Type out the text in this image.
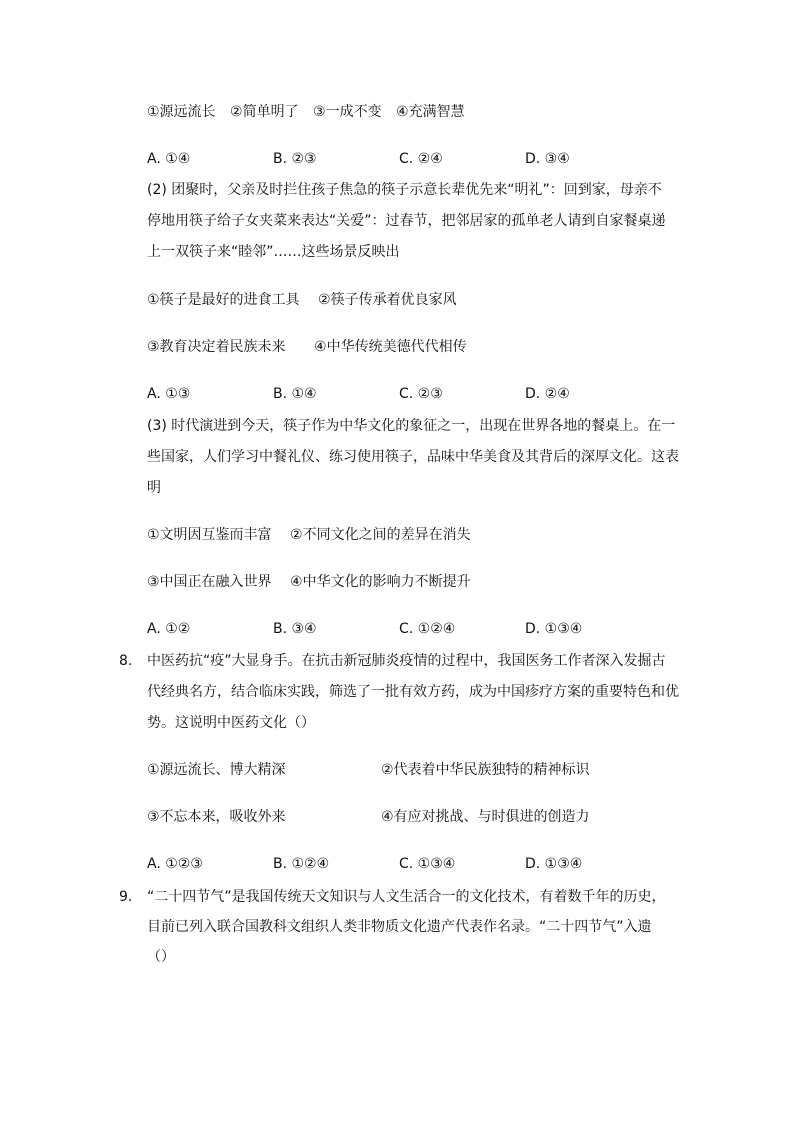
①源远流长 ②简单明了 ③一成不变 ④充满智慧
A. ①④	B. ②③	C. ②④	D. ③④
(2) 团聚时，父亲及时拦住孩子焦急的筷子示意长辈优先来“明礼”：回到家，母亲不
停地用筷子给子女夹菜来表达“关爱”：过春节，把邻居家的孤单老人请到自家餐桌递
上一双筷子来“睦邻”……这些场景反映出
①筷子是最好的进食工具 ②筷子传承着优良家风
③教育决定着民族未来 ④中华传统美德代代相传
A. ①③	B. ①④	C. ②③	D. ②④
(3) 时代演进到今天，筷子作为中华文化的象征之一，出现在世界各地的餐桌上。在一
些国家，人们学习中餐礼仪、练习使用筷子，品味中华美食及其背后的深厚文化。这表
明
①文明因互鉴而丰富 ②不同文化之间的差异在消失
③中国正在融入世界 ④中华文化的影响力不断提升
A. ①②	B. ③④	C. ①②④	D. ①③④
8. 中医药抗“疫”大显身手。在抗击新冠肺炎疫情的过程中，我国医务工作者深入发掘古
代经典名方，结合临床实践，筛选了一批有效方药，成为中国疹疗方案的重要特色和优
势。这说明中医药文化（）
①源远流长、博大精深	②代表着中华民族独特的精神标识
③不忘本来，吸收外来	④有应对挑战、与时俱进的创造力
A. ①②③	B. ①②④	C. ①③④	D. ①③④
9. “二十四节气”是我国传统天文知识与人文生活合一的文化技术，有着数千年的历史，
目前已列入联合国教科文组织人类非物质文化遗产代表作名录。“二十四节气”入遗
（）
